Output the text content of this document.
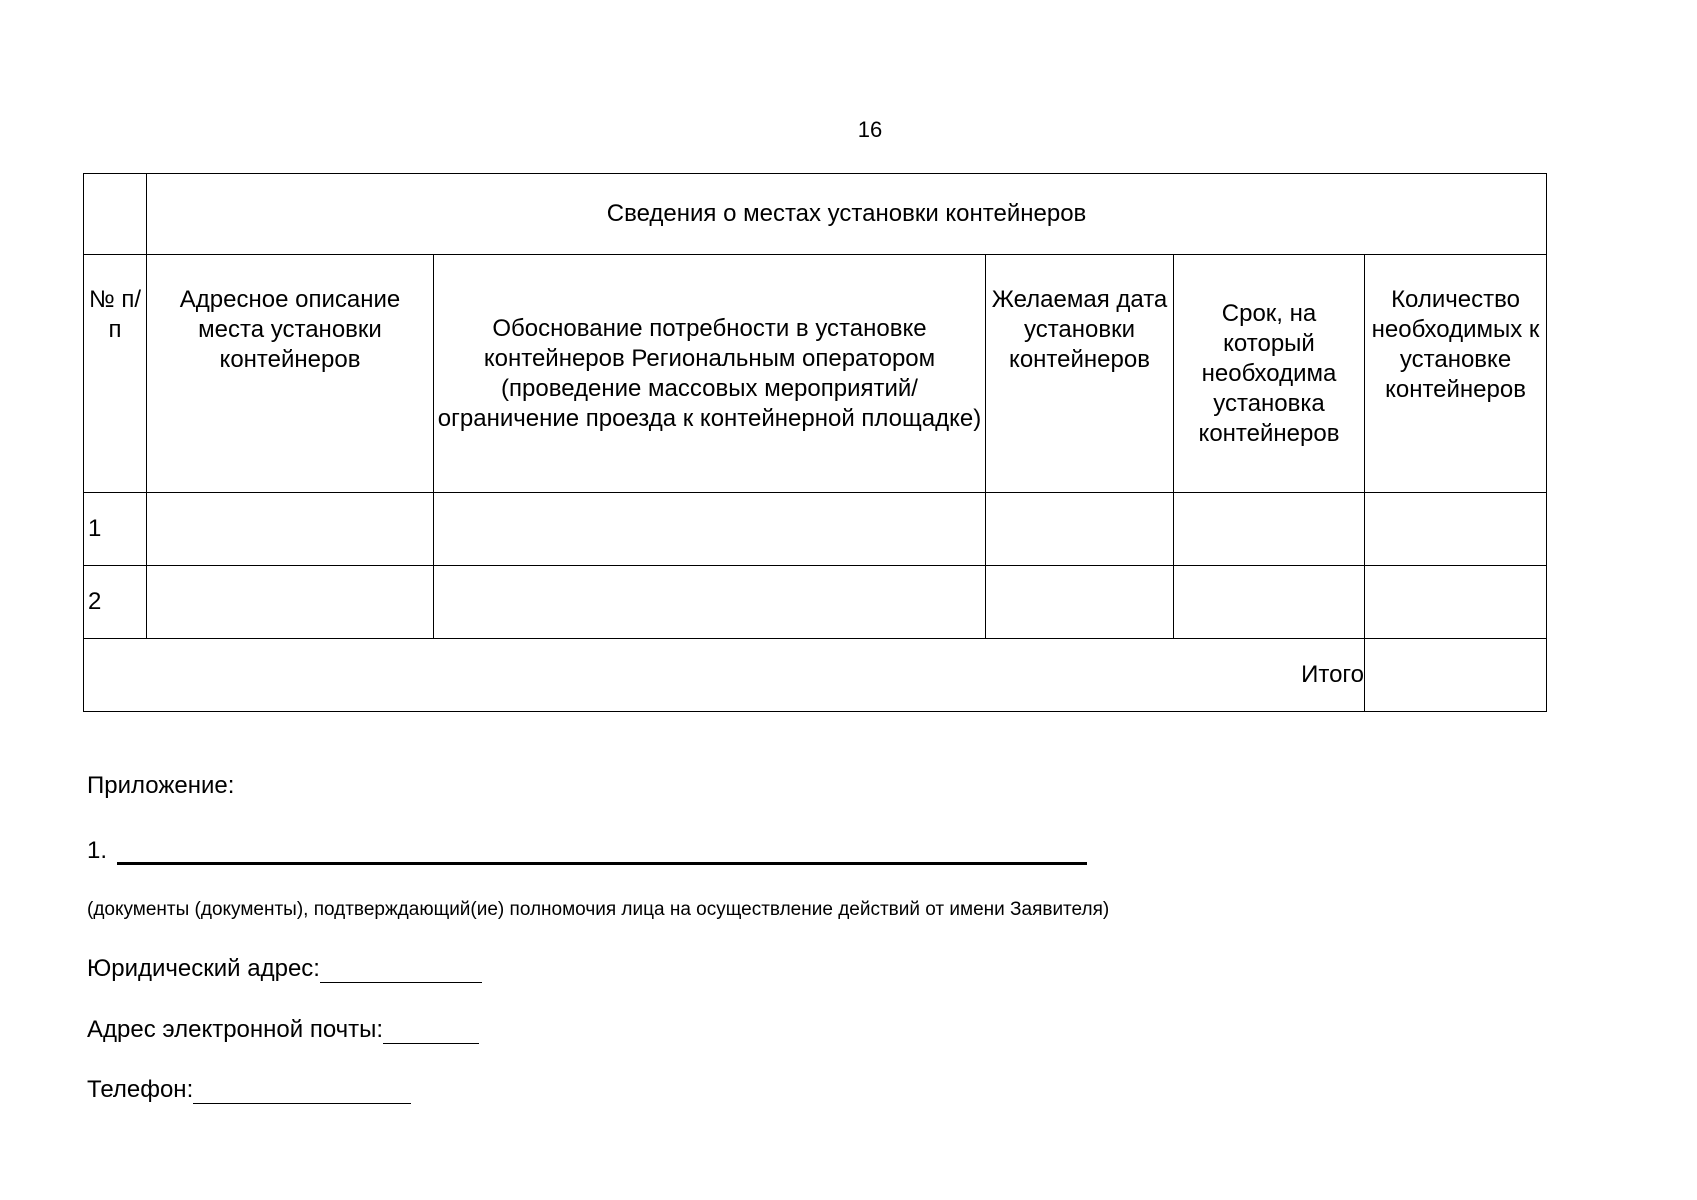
16
	Сведения о местах установки контейнеров				
№ п/п	Адресное описание места установки контейнеров	Обоснование потребности в установке контейнеров Региональным оператором (проведение массовых мероприятий/ограничение проезда к контейнерной площадке)	Желаемая дата установки контейнеров	Срок, на который необходима установка контейнеров	Количество необходимых к установке контейнеров
1					
2					
Итого					
Приложение:
1.
(документы (документы), подтверждающий(ие) полномочия лица на осуществление действий от имени Заявителя)
Юридический адрес:
Адрес электронной почты:
Телефон:
